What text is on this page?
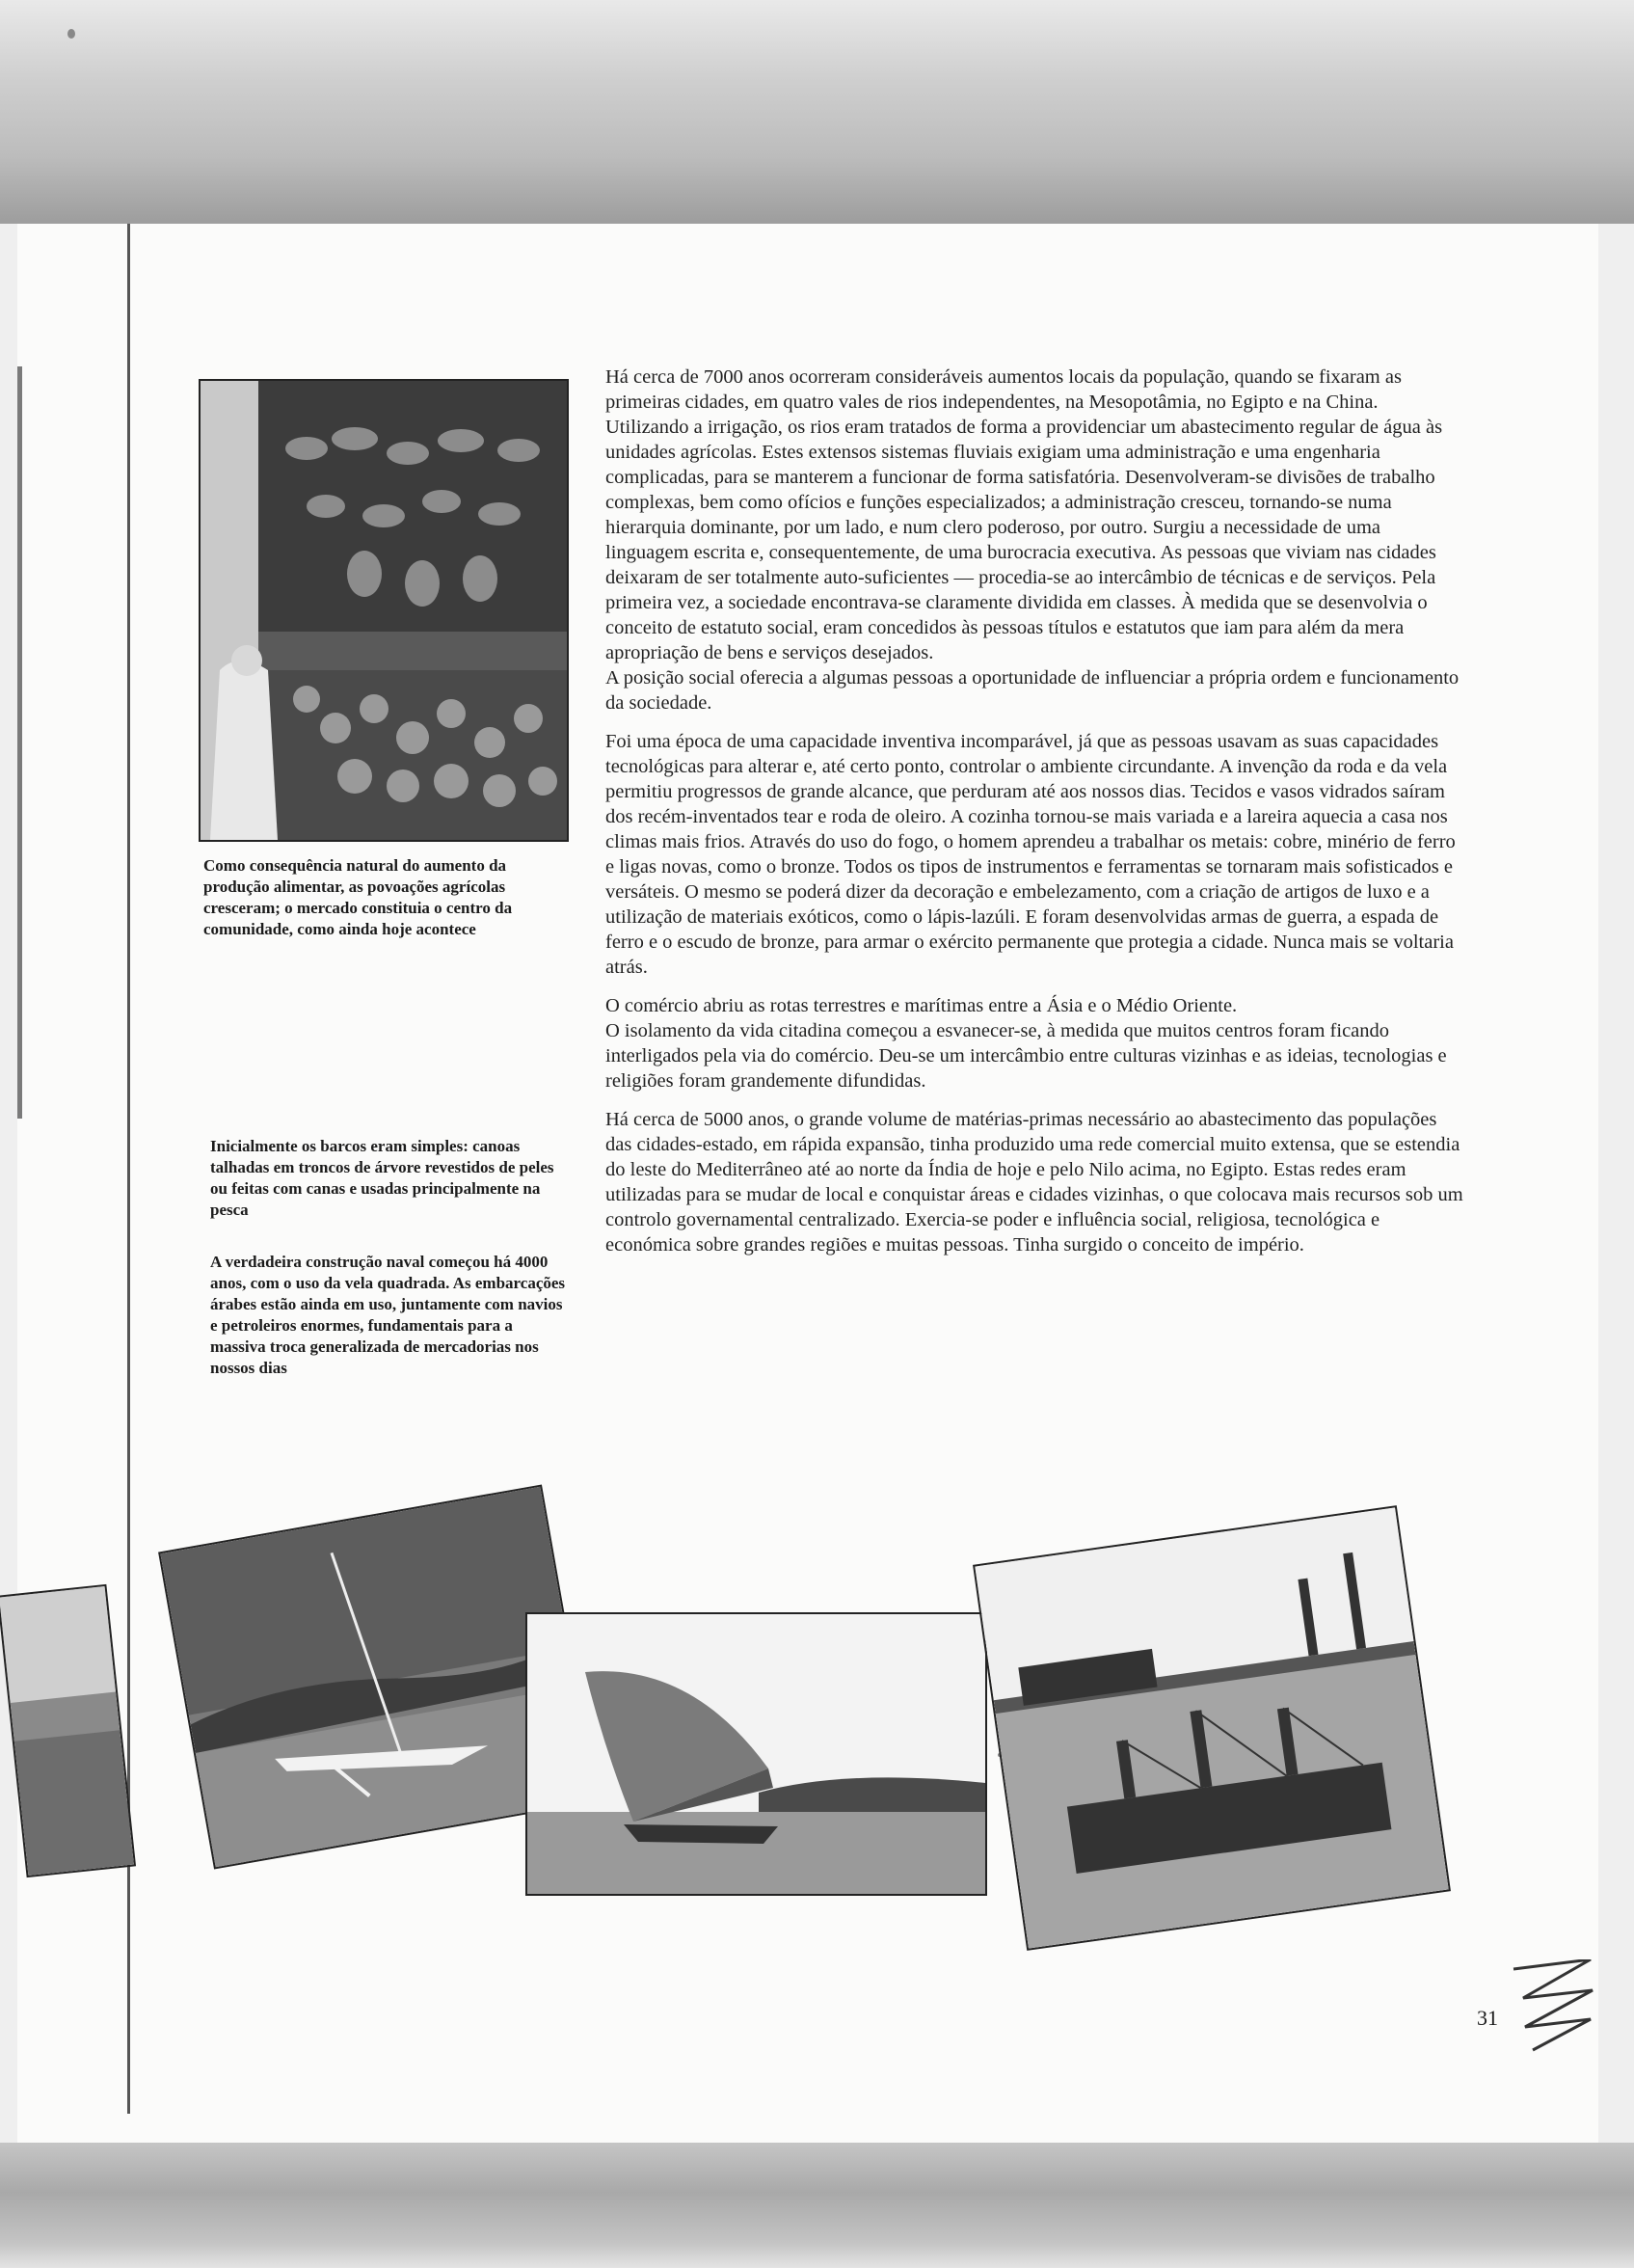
Como consequência natural do aumento da produção alimentar, as povoações agrícolas cresceram; o mercado constituia o centro da comunidade, como ainda hoje acontece
Inicialmente os barcos eram simples: canoas talhadas em troncos de árvore revestidos de peles ou feitas com canas e usadas principalmente na pesca
A verdadeira construção naval começou há 4000 anos, com o uso da vela quadrada. As embarcações árabes estão ainda em uso, juntamente com navios e petroleiros enormes, fundamentais para a massiva troca generalizada de mercadorias nos nossos dias

Há cerca de 7000 anos ocorreram consideráveis aumentos locais da população, quando se fixaram as primeiras cidades, em quatro vales de rios independentes, na Mesopotâmia, no Egipto e na China. Utilizando a irrigação, os rios eram tratados de forma a providenciar um abastecimento regular de água às unidades agrícolas. Estes extensos sistemas fluviais exigiam uma administração e uma engenharia complicadas, para se manterem a funcionar de forma satisfatória. Desenvolveram-se divisões de trabalho complexas, bem como ofícios e funções especializados; a administração cresceu, tornando-se numa hierarquia dominante, por um lado, e num clero poderoso, por outro. Surgiu a necessidade de uma linguagem escrita e, consequentemente, de uma burocracia executiva. As pessoas que viviam nas cidades deixaram de ser totalmente auto-suficientes — procedia-se ao intercâmbio de técnicas e de serviços. Pela primeira vez, a sociedade encontrava-se claramente dividida em classes. À medida que se desenvolvia o conceito de estatuto social, eram concedidos às pessoas títulos e estatutos que iam para além da mera apropriação de bens e serviços desejados.

A posição social oferecia a algumas pessoas a oportunidade de influenciar a própria ordem e funcionamento da sociedade.

Foi uma época de uma capacidade inventiva incomparável, já que as pessoas usavam as suas capacidades tecnológicas para alterar e, até certo ponto, controlar o ambiente circundante. A invenção da roda e da vela permitiu progressos de grande alcance, que perduram até aos nossos dias. Tecidos e vasos vidrados saíram dos recém-inventados tear e roda de oleiro. A cozinha tornou-se mais variada e a lareira aquecia a casa nos climas mais frios. Através do uso do fogo, o homem aprendeu a trabalhar os metais: cobre, minério de ferro e ligas novas, como o bronze. Todos os tipos de instrumentos e ferramentas se tornaram mais sofisticados e versáteis. O mesmo se poderá dizer da decoração e embelezamento, com a criação de artigos de luxo e a utilização de materiais exóticos, como o lápis-lazúli. E foram desenvolvidas armas de guerra, a espada de ferro e o escudo de bronze, para armar o exército permanente que protegia a cidade. Nunca mais se voltaria atrás.

O comércio abriu as rotas terrestres e marítimas entre a Ásia e o Médio Oriente.

O isolamento da vida citadina começou a esvanecer-se, à medida que muitos centros foram ficando interligados pela via do comércio. Deu-se um intercâmbio entre culturas vizinhas e as ideias, tecnologias e religiões foram grandemente difundidas.

Há cerca de 5000 anos, o grande volume de matérias-primas necessário ao abastecimento das populações das cidades-estado, em rápida expansão, tinha produzido uma rede comercial muito extensa, que se estendia do leste do Mediterrâneo até ao norte da Índia de hoje e pelo Nilo acima, no Egipto. Estas redes eram utilizadas para se mudar de local e conquistar áreas e cidades vizinhas, o que colocava mais recursos sob um controlo governamental centralizado. Exercia-se poder e influência social, religiosa, tecnológica e económica sobre grandes regiões e muitas pessoas. Tinha surgido o conceito de império.

31
